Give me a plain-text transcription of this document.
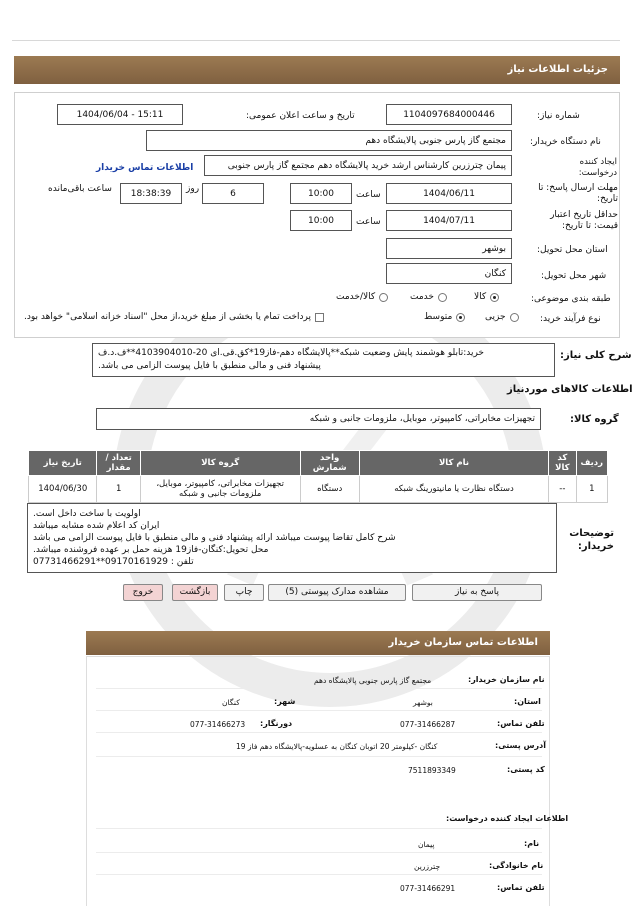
جزئیات اطلاعات نیاز
شماره نیاز:
1104097684000446
تاریخ و ساعت اعلان عمومی:
1404/06/04 - 15:11
نام دستگاه خریدار:
مجتمع گاز پارس جنوبی پالایشگاه دهم
ایجاد کننده درخواست:
پیمان چترزرین کارشناس ارشد خرید پالایشگاه دهم مجتمع گاز پارس جنوبی
اطلاعات تماس خریدار
مهلت ارسال پاسخ: تا تاریخ:
1404/06/11
ساعت
10:00
6
روز
18:38:39
ساعت باقی‌مانده
حداقل تاریخ اعتبار قیمت: تا تاریخ:
1404/07/11
ساعت
10:00
استان محل تحویل:
بوشهر
شهر محل تحویل:
کنگان
طبقه بندی موضوعی:
کالا
خدمت
کالا/خدمت
نوع فرآیند خرید:
جزیی
متوسط
پرداخت تمام یا بخشی از مبلغ خرید،از محل "اسناد خزانه اسلامی" خواهد بود.
شرح کلی نیاز:
خرید:تابلو هوشمند پایش وضعیت شبکه**پالایشگاه دهم-فاز19*کق.قی.ای 20-4103904010**ف.د.ف
پیشنهاد فنی و مالی منطبق با فایل پیوست الزامی می باشد.
اطلاعات کالاهای موردنیاز
گروه کالا:
تجهیزات مخابراتی، کامپیوتر، موبایل، ملزومات جانبی و شبکه
ردیف	کد کالا	نام کالا	واحد شمارش	گروه کالا	تعداد / مقدار	تاریخ نیاز
1	--	دستگاه نظارت یا مانیتورینگ شبکه	دستگاه	تجهیزات مخابراتی، کامپیوتر، موبایل، ملزومات جانبی و شبکه	1	1404/06/30
توضیحات خریدار:
اولویت با ساخت داخل است.
ایران کد اعلام شده مشابه میباشد
شرح کامل تقاضا پیوست میباشد ارائه پیشنهاد فنی و مالی منطبق با فایل پیوست الزامی می باشد
محل تحویل:کنگان-فاز19 هزینه حمل بر عهده فروشنده میباشد.
تلفن : 09170161929**07731466291
پاسخ به نیاز
مشاهده مدارک پیوستی (5)
چاپ
بازگشت
خروج
اطلاعات تماس سازمان خریدار
نام سازمان خریدار:
مجتمع گاز پارس جنوبی پالایشگاه دهم
استان:
بوشهر
شهر:
کنگان
تلفن تماس:
077-31466287
دورنگار:
077-31466273
آدرس پستی:
کنگان -کیلومتر 20 اتوبان کنگان به عسلویه-پالایشگاه دهم فاز 19
کد پستی:
7511893349
اطلاعات ایجاد کننده درخواست:
نام:
پیمان
نام خانوادگی:
چترزرین
تلفن تماس:
077-31466291
